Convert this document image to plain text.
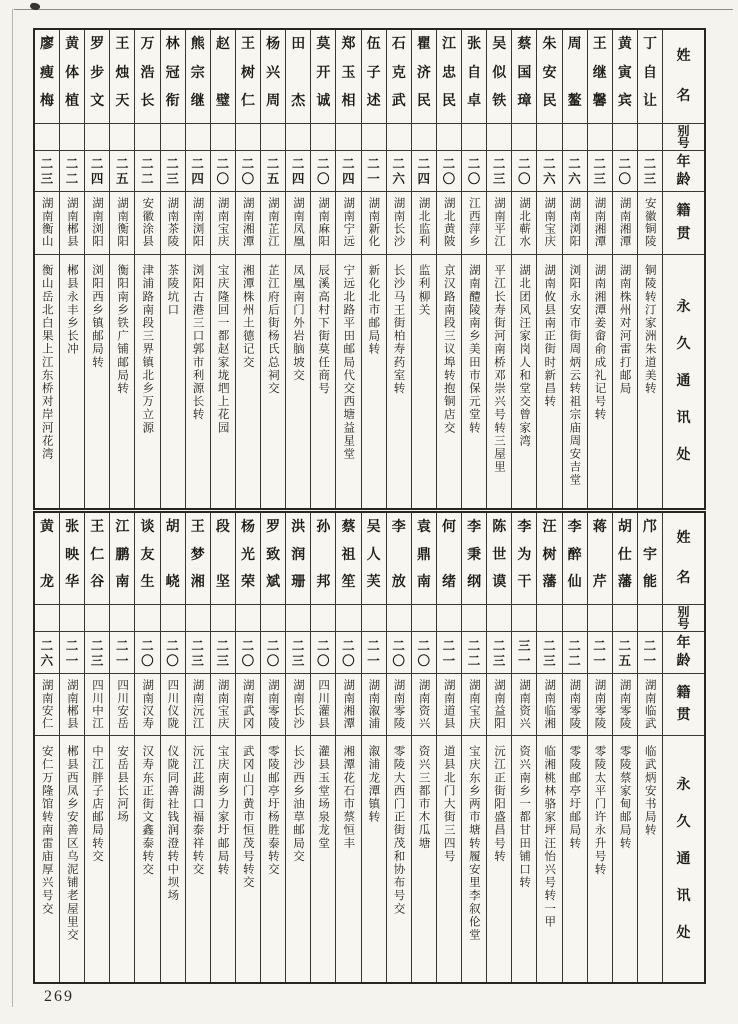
姓
名
别
号
年
龄
籍
贯
永
久
通
讯
处
丁
自
让
二
三
安徽铜陵
铜陵转汀家洲朱道美转
黄
寅
宾
二
〇
湖南湘潭
湖南株州对河雷打邮局
王
继
馨
二
三
湖南湘潭
湖南湘潭姜畲俞成礼记号转
周
鳌
二
六
湖南浏阳
浏阳永安市街周炳云转祖宗庙周安吉堂
朱
安
民
二
六
湖南宝庆
湖南攸县南正街时新昌转
蔡
国
璋
二
〇
湖北蕲水
湖北团风汪家岗人和堂交曾家湾
吴
似
铁
二
三
湖南平江
平江长寿街河南桥邓崇兴号转三屋里
张
自
卓
二
〇
江西萍乡
湖南醴陵南乡美田市保元堂转
江
忠
民
二
〇
湖北黄陂
京汉路南段三议埠转抱铜店交
瞿
济
民
二
四
湖北监利
监利柳关
石
克
武
二
六
湖南长沙
长沙马王街柏寿药室转
伍
子
述
二
一
湖南新化
新化北市邮局转
郑
玉
相
二
四
湖南宁远
宁远北路平田邮局代交西塘益星堂
莫
开
诚
二
〇
湖南麻阳
辰溪高村下街莫任商号
田
杰
二
四
湖南凤凰
凤凰南门外岩脑坡交
杨
兴
周
二
五
湖南芷江
芷江府后街杨氏总祠交
王
树
仁
二
〇
湖南湘潭
湘潭株州土德记交
赵
璧
二
〇
湖南宝庆
宝庆隆回一都赵家垅垇上花园
熊
宗
继
二
四
湖南浏阳
浏阳古港三口郭市利源长转
林
冠
衔
二
三
湖南茶陵
茶陵坑口
万
浩
长
二
二
安徽涂县
津浦路南段三界镇北乡万立源
王
烛
天
二
五
湖南衡阳
衡阳南乡铁广铺邮局转
罗
步
文
二
四
湖南浏阳
浏阳西乡镇邮局转
黄
体
植
二
二
湖南郴县
郴县永丰乡长冲
廖
瘦
梅
二
三
湖南衡山
衡山岳北白果上江东桥对岸河花湾
姓
名
别
号
年
龄
籍
贯
永
久
通
讯
处
邝
宇
能
二
一
湖南临武
临武炳安书局转
胡
仕
藩
二
五
湖南零陵
零陵蔡家甸邮局转
蒋
芹
二
一
湖南零陵
零陵太平门许永升号转
李
醉
仙
二
二
湖南零陵
零陵邮亭圩邮局转
汪
树
藩
二
三
湖南临湘
临湘桃林骆家坪汪怡兴号转一甲
李
为
干
三
一
湖南资兴
资兴南乡一都甘田铺口转
陈
世
谟
二
三
湖南益阳
沅江正街阳盛昌号转
李
秉
纲
二
二
湖南宝庆
宝庆东乡两市塘转履安里李叙伦堂
何
绪
二
一
湖南道县
道县北门大街三四号
袁
鼎
南
二
〇
湖南资兴
资兴三都市木瓜塘
李
放
二
〇
湖南零陵
零陵大西门正街茂和协布号交
吴
人
芙
二
一
湖南溆浦
溆浦龙潭镇转
蔡
祖
笙
二
〇
湖南湘潭
湘潭花石市蔡恒丰
孙
邦
二
〇
四川灌县
灌县玉堂场泉龙堂
洪
润
珊
二
三
湖南长沙
长沙西乡油草邮局交
罗
致
斌
二
〇
湖南零陵
零陵邮亭圩杨胜泰转交
杨
光
荣
二
〇
湖南武冈
武冈山门黄市恒茂号转交
段
坚
二
三
湖南宝庆
宝庆南乡力家圩邮局转
王
梦
湘
二
三
湖南沅江
沅江茈湖口福泰祥转交
胡
峣
二
〇
四川仪陇
仪陇同善社钱润澄转中坝场
谈
友
生
二
〇
湖南汉寿
汉寿东正街文鑫泰转交
江
鹏
南
二
一
四川安岳
安岳县长河场
王
仁
谷
二
三
四川中江
中江胖子店邮局转交
张
映
华
二
一
湖南郴县
郴县西凤乡安善区乌泥铺老屋里交
黄
龙
二
六
湖南安仁
安仁万隆馆转南雷庙厚兴号交
269
